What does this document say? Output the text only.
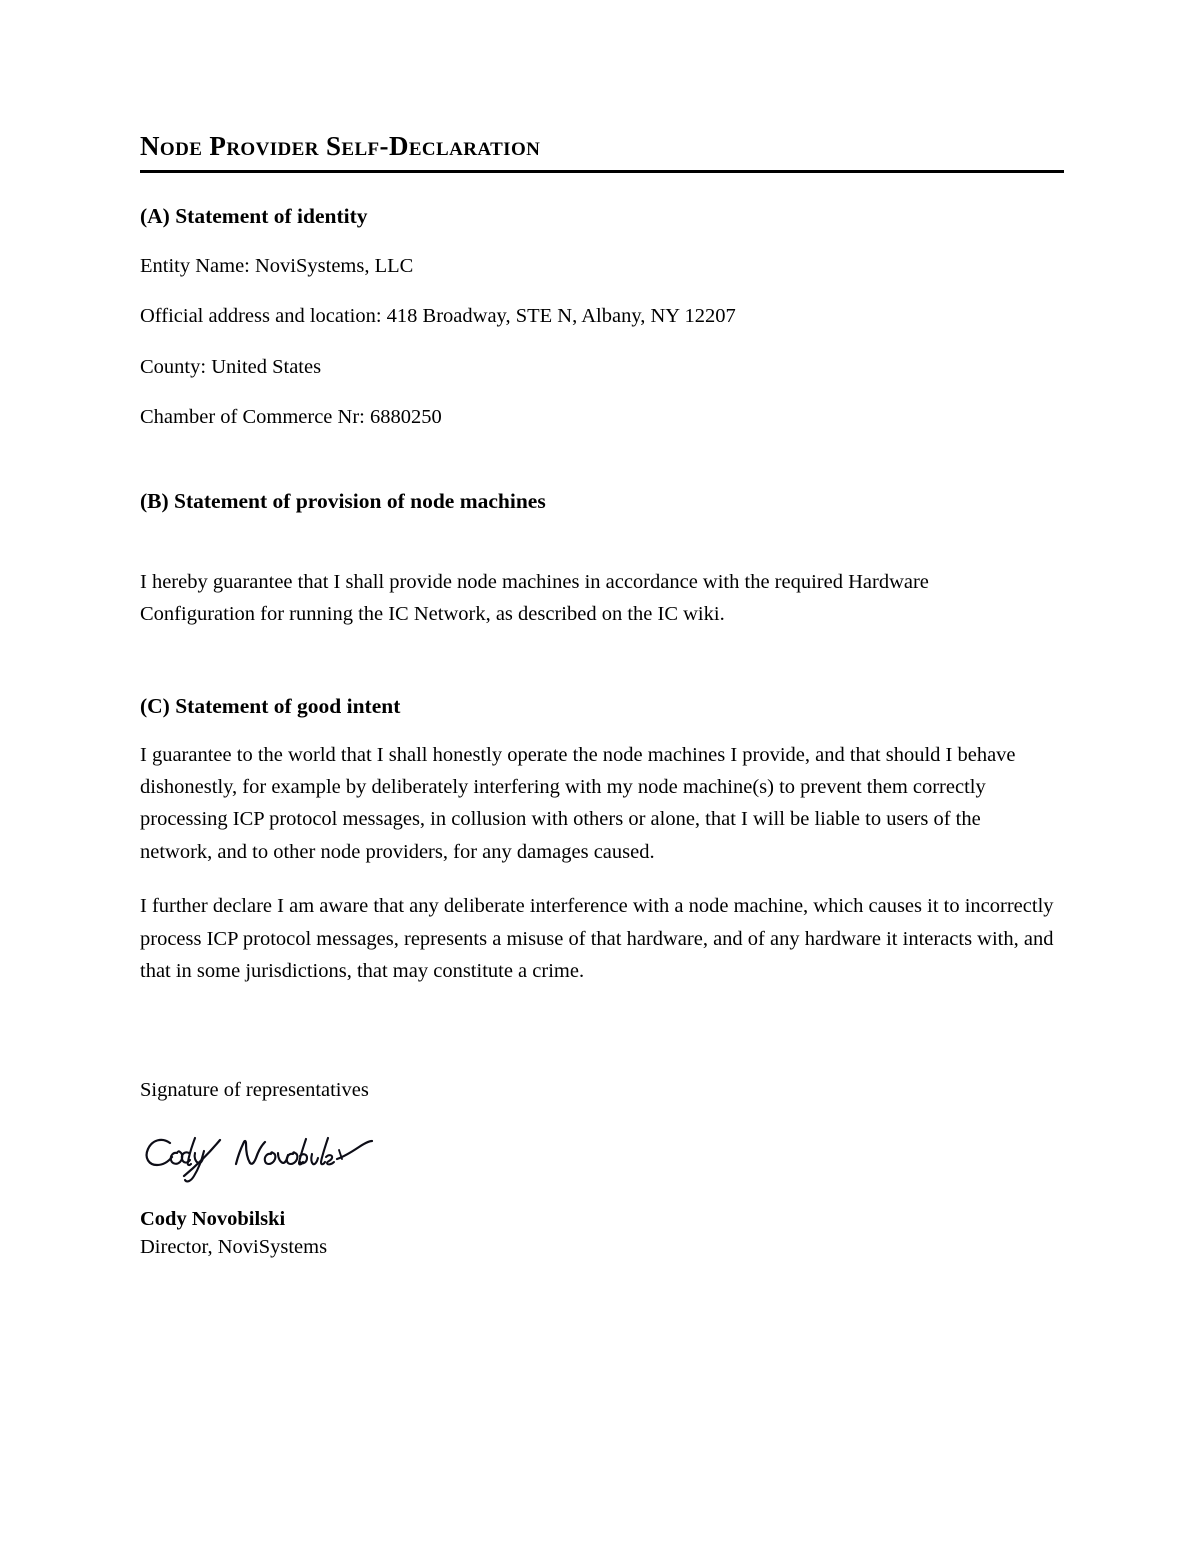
Node Provider Self-Declaration
(A) Statement of identity

Entity Name: NoviSystems, LLC

Official address and location: 418 Broadway, STE N, Albany, NY 12207

County: United States

Chamber of Commerce Nr: 6880250

(B) Statement of provision of node machines

I hereby guarantee that I shall provide node machines in accordance with the required Hardware Configuration for running the IC Network, as described on the IC wiki.

(C) Statement of good intent

I guarantee to the world that I shall honestly operate the node machines I provide, and that should I behave dishonestly, for example by deliberately interfering with my node machine(s) to prevent them correctly processing ICP protocol messages, in collusion with others or alone, that I will be liable to users of the network, and to other node providers, for any damages caused.

I further declare I am aware that any deliberate interference with a node machine, which causes it to incorrectly process ICP protocol messages, represents a misuse of that hardware, and of any hardware it interacts with, and that in some jurisdictions, that may constitute a crime.

Signature of representatives

Cody Novobilski

Director, NoviSystems
